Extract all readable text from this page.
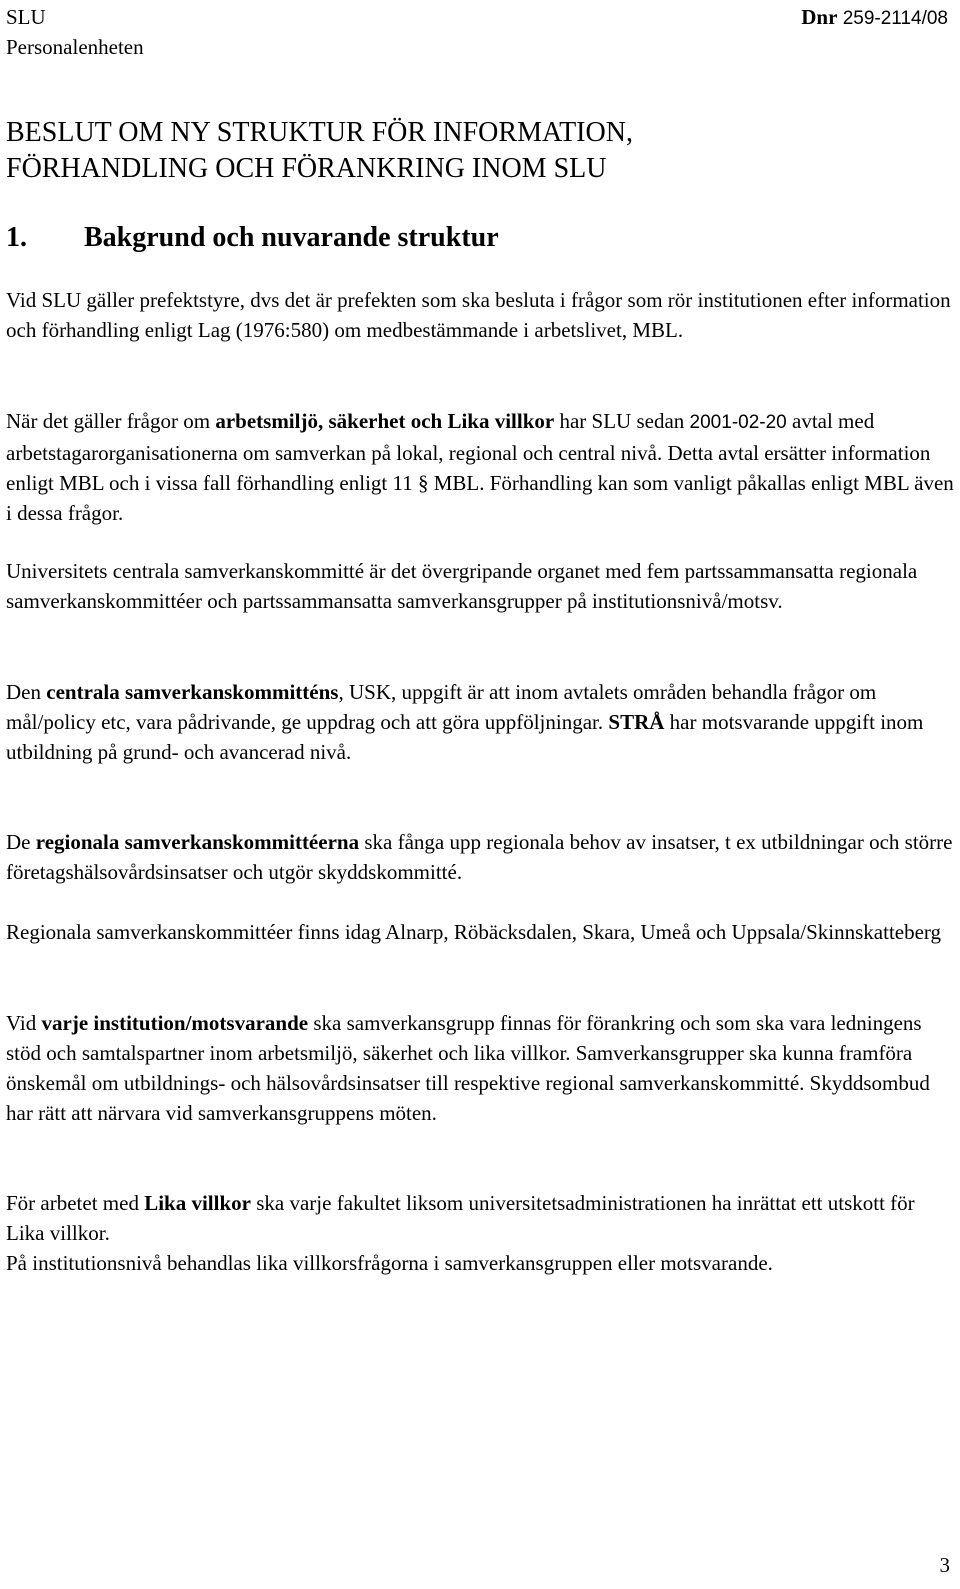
SLU
Personalenheten
Dnr 259-2114/08
BESLUT OM NY STRUKTUR FÖR INFORMATION,
FÖRHANDLING OCH FÖRANKRING INOM SLU
1. Bakgrund och nuvarande struktur

Vid SLU gäller prefektstyre, dvs det är prefekten som ska besluta i frågor som rör institutionen efter information och förhandling enligt Lag (1976:580) om medbestämmande i arbetslivet, MBL.

När det gäller frågor om arbetsmiljö, säkerhet och Lika villkor har SLU sedan 2001-02-20 avtal med arbetstagarorganisationerna om samverkan på lokal, regional och central nivå. Detta avtal ersätter information enligt MBL och i vissa fall förhandling enligt 11 § MBL. Förhandling kan som vanligt påkallas enligt MBL även i dessa frågor.

Universitets centrala samverkanskommitté är det övergripande organet med fem partssammansatta regionala samverkanskommittéer och partssammansatta samverkansgrupper på institutionsnivå/motsv.

Den centrala samverkanskommitténs, USK, uppgift är att inom avtalets områden behandla frågor om mål/policy etc, vara pådrivande, ge uppdrag och att göra uppföljningar. STRÅ har motsvarande uppgift inom utbildning på grund- och avancerad nivå.

De regionala samverkanskommittéerna ska fånga upp regionala behov av insatser, t ex utbildningar och större företagshälsovårdsinsatser och utgör skyddskommitté.

Regionala samverkanskommittéer finns idag Alnarp, Röbäcksdalen, Skara, Umeå och Uppsala/Skinnskatteberg

Vid varje institution/motsvarande ska samverkansgrupp finnas för förankring och som ska vara ledningens stöd och samtalspartner inom arbetsmiljö, säkerhet och lika villkor. Samverkansgrupper ska kunna framföra önskemål om utbildnings- och hälsovårdsinsatser till respektive regional samverkanskommitté. Skyddsombud har rätt att närvara vid samverkansgruppens möten.

För arbetet med Lika villkor ska varje fakultet liksom universitetsadministrationen ha inrättat ett utskott för Lika villkor.

På institutionsnivå behandlas lika villkorsfrågorna i samverkansgruppen eller motsvarande.

3
